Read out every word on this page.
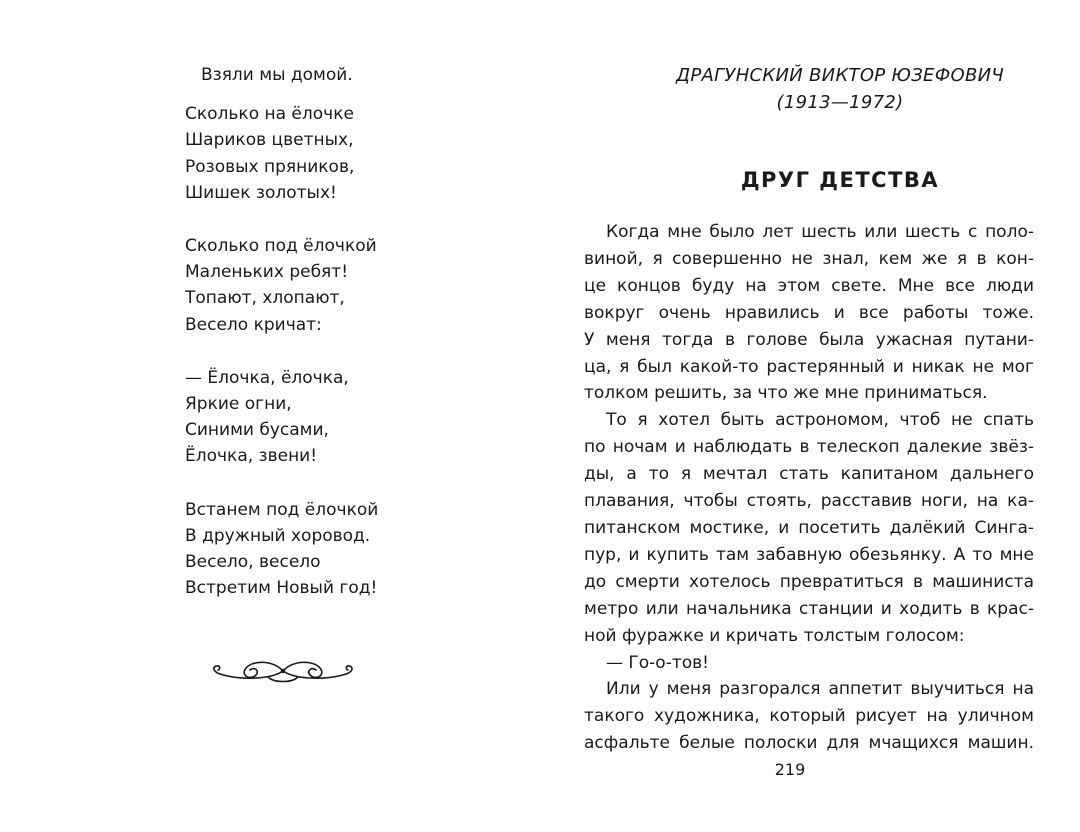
Взяли мы домой.
Сколько на ёлочке
Шариков цветных,
Розовых пряников,
Шишек золотых!
Сколько под ёлочкой
Маленьких ребят!
Топают, хлопают,
Весело кричат:
— Ёлочка, ёлочка,
Яркие огни,
Синими бусами,
Ёлочка, звени!
Встанем под ёлочкой
В дружный хоровод.
Весело, весело
Встретим Новый год!
ДРАГУНСКИЙ ВИКТОР ЮЗЕФОВИЧ
(1913—1972)
ДРУГ ДЕТСТВА
Когда мне было лет шесть или шесть с поло-
виной, я совершенно не знал, кем же я в кон-
це концов буду на этом свете. Мне все люди
вокруг очень нравились и все работы тоже.
У меня тогда в голове была ужасная путани-
ца, я был какой-то растерянный и никак не мог
толком решить, за что же мне приниматься.
То я хотел быть астрономом, чтоб не спать
по ночам и наблюдать в телескоп далекие звёз-
ды, а то я мечтал стать капитаном дальнего
плавания, чтобы стоять, расставив ноги, на ка-
питанском мостике, и посетить далёкий Синга-
пур, и купить там забавную обезьянку. А то мне
до смерти хотелось превратиться в машиниста
метро или начальника станции и ходить в крас-
ной фуражке и кричать толстым голосом:
— Го-о-тов!
Или у меня разгорался аппетит выучиться на
такого художника, который рисует на уличном
асфальте белые полоски для мчащихся машин.
219
